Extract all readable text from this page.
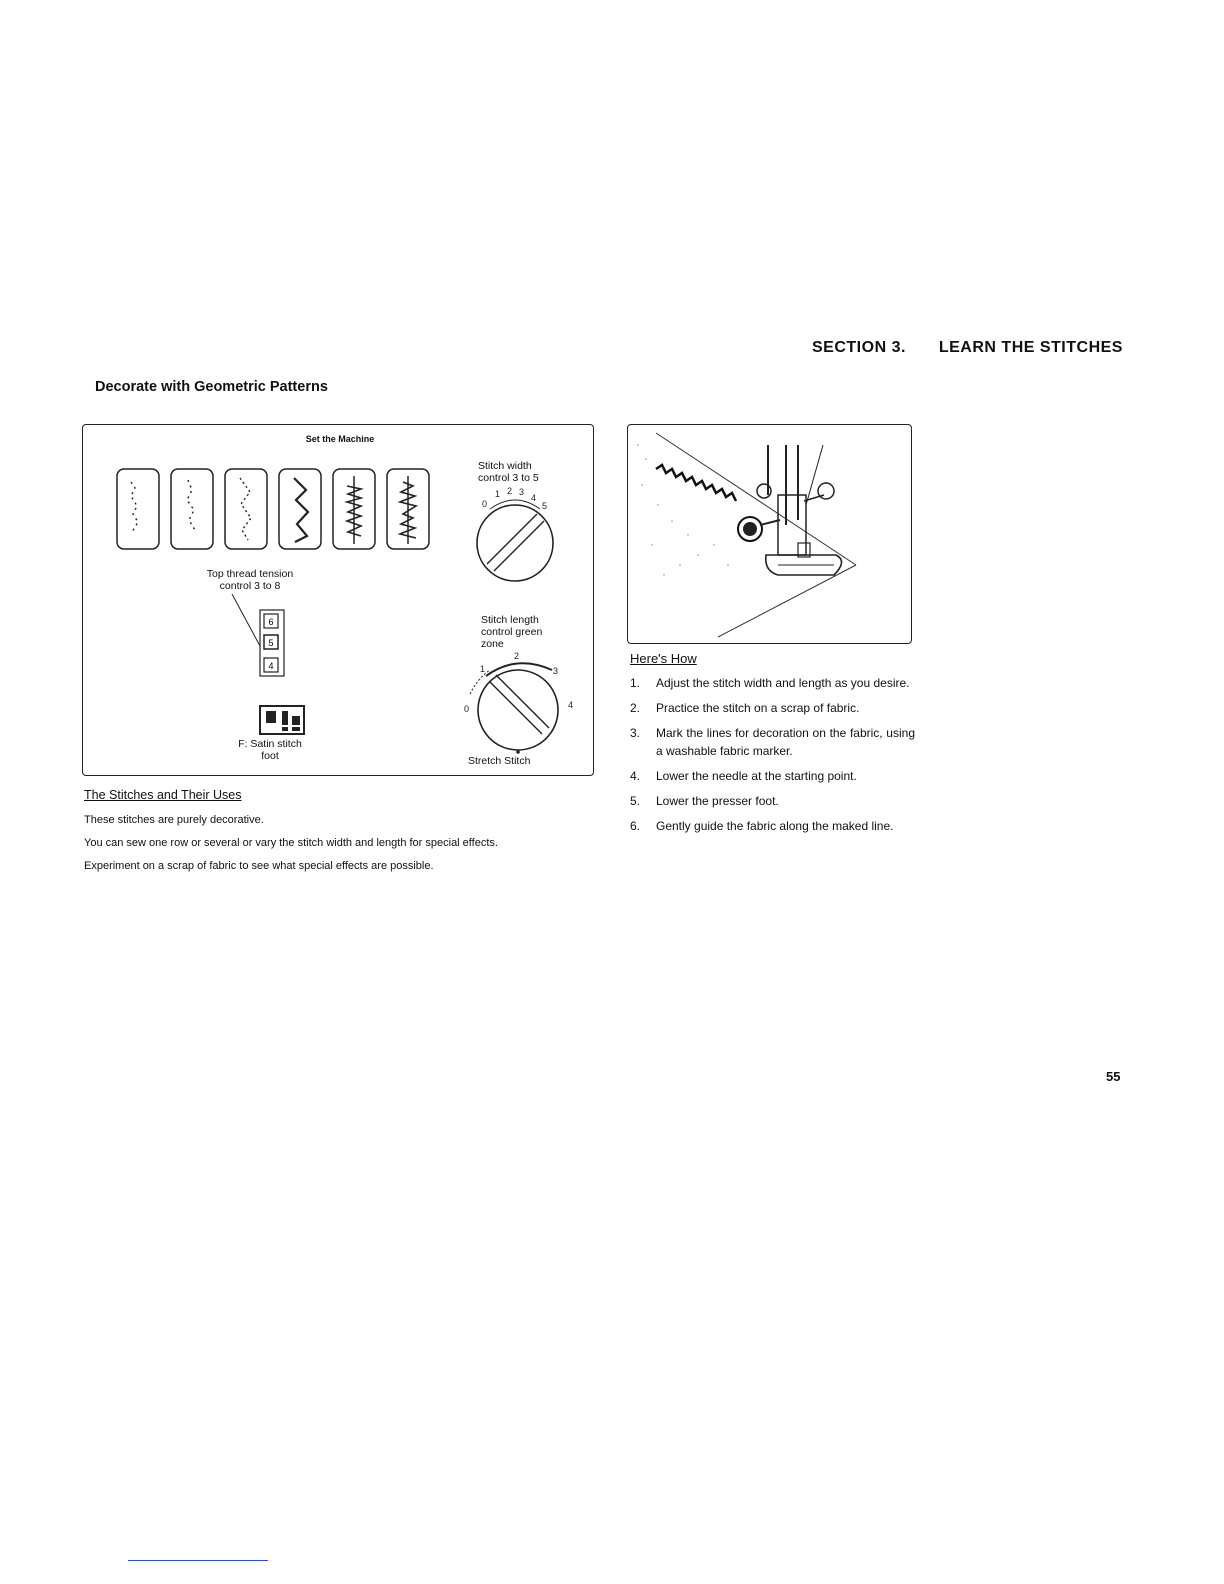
SECTION 3. LEARN THE STITCHES
Decorate with Geometric Patterns
Set the Machine
Top thread tension
control 3 to 8
6
5
4
F: Satin stitch
foot
Stitch width
control 3 to 5
0
1 2 3
4
5
Stitch length
control green
zone
0
1
2
3
4
Stretch Stitch
Here's How
1.	Adjust the stitch width and length as you desire.
2.	Practice the stitch on a scrap of fabric.
3.	Mark the lines for decoration on the fabric, using a washable fabric marker.
4.	Lower the needle at the starting point.
5.	Lower the presser foot.
6.	Gently guide the fabric along the maked line.
The Stitches and Their Uses

These stitches are purely decorative.

You can sew one row or several or vary the stitch width and length for special effects.

Experiment on a scrap of fabric to see what special effects are possible.

55
